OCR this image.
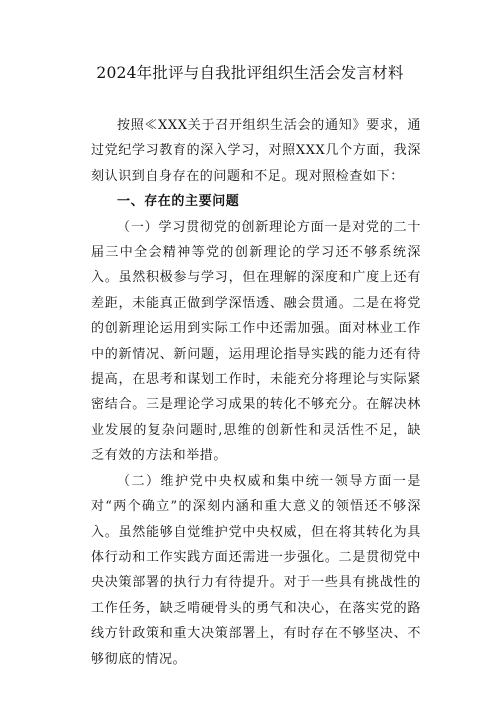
2024年批评与自我批评组织生活会发言材料

按照≪XXX关于召开组织生活会的通知》要求，通过党纪学习教育的深入学习，对照XXX几个方面，我深刻认识到自身存在的问题和不足。现对照检查如下：

一、存在的主要问题

（一）学习贯彻党的创新理论方面一是对党的二十届三中全会精神等党的创新理论的学习还不够系统深入。虽然积极参与学习，但在理解的深度和广度上还有差距，未能真正做到学深悟透、融会贯通。二是在将党的创新理论运用到实际工作中还需加强。面对林业工作中的新情况、新问题，运用理论指导实践的能力还有待提高，在思考和谋划工作时，未能充分将理论与实际紧密结合。三是理论学习成果的转化不够充分。在解决林业发展的复杂问题时,思维的创新性和灵活性不足，缺乏有效的方法和举措。

（二）维护党中央权威和集中统一领导方面一是对“两个确立”的深刻内涵和重大意义的领悟还不够深入。虽然能够自觉维护党中央权威，但在将其转化为具体行动和工作实践方面还需进一步强化。二是贯彻党中央决策部署的执行力有待提升。对于一些具有挑战性的工作任务，缺乏啃硬骨头的勇气和决心，在落实党的路线方针政策和重大决策部署上，有时存在不够坚决、不够彻底的情况。
